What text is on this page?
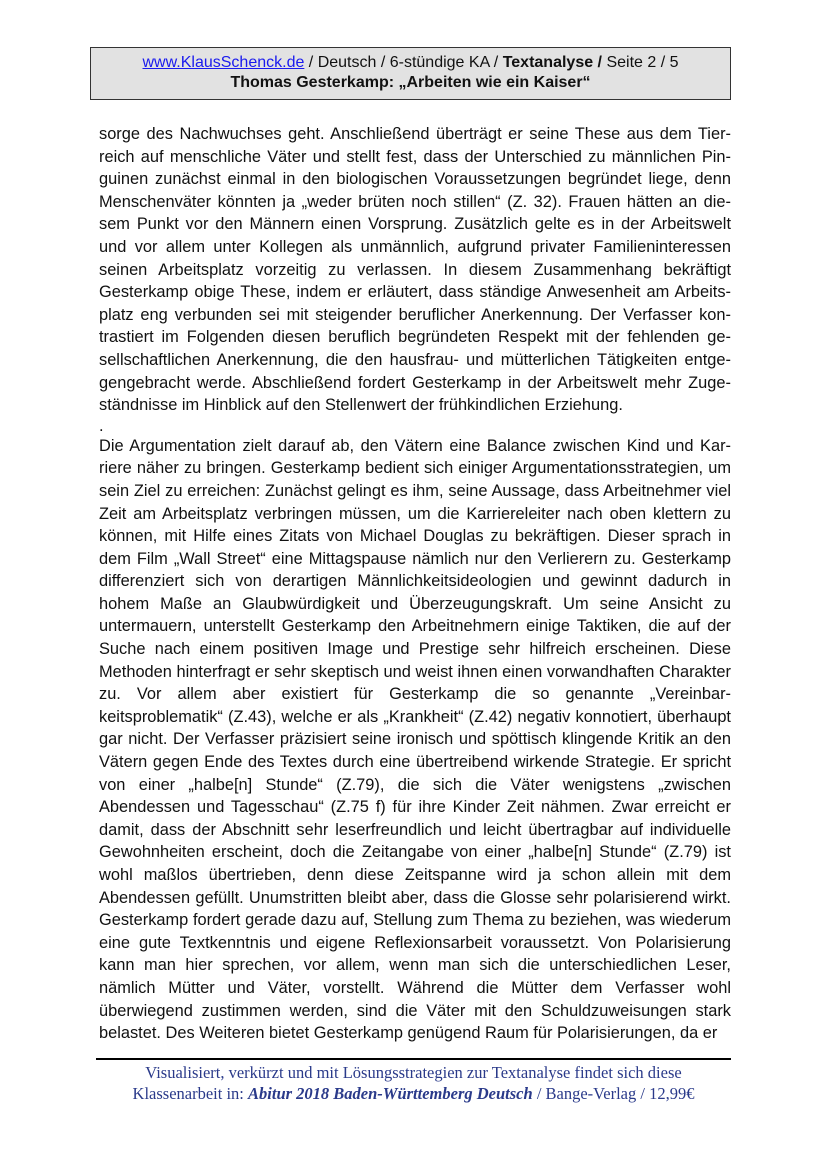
www.KlausSchenck.de / Deutsch / 6-stündige KA / Textanalyse / Seite 2 / 5
Thomas Gesterkamp: „Arbeiten wie ein Kaiser“

sorge des Nachwuchses geht. Anschließend überträgt er seine These aus dem Tierreich auf menschliche Väter und stellt fest, dass der Unterschied zu männlichen Pinguinen zunächst einmal in den biologischen Voraussetzungen begründet liege, denn Menschenväter könnten ja „weder brüten noch stillen“ (Z. 32). Frauen hätten an diesem Punkt vor den Männern einen Vorsprung. Zusätzlich gelte es in der Arbeitswelt und vor allem unter Kollegen als unmännlich, aufgrund privater Familieninteressen seinen Arbeitsplatz vorzeitig zu verlassen. In diesem Zusammenhang bekräftigt Gesterkamp obige These, indem er erläutert, dass ständige Anwesenheit am Arbeitsplatz eng verbunden sei mit steigender beruflicher Anerkennung. Der Verfasser kontrastiert im Folgenden diesen beruflich begründeten Respekt mit der fehlenden gesellschaftlichen Anerkennung, die den hausfrau- und mütterlichen Tätigkeiten entgegengebracht werde. Abschließend fordert Gesterkamp in der Arbeitswelt mehr Zugeständnisse im Hinblick auf den Stellenwert der frühkindlichen Erziehung.

.

Die Argumentation zielt darauf ab, den Vätern eine Balance zwischen Kind und Karriere näher zu bringen. Gesterkamp bedient sich einiger Argumentationsstrategien, um sein Ziel zu erreichen: Zunächst gelingt es ihm, seine Aussage, dass Arbeitnehmer viel Zeit am Arbeitsplatz verbringen müssen, um die Karriereleiter nach oben klettern zu können, mit Hilfe eines Zitats von Michael Douglas zu bekräftigen. Dieser sprach in dem Film „Wall Street“ eine Mittagspause nämlich nur den Verlierern zu. Gesterkamp differenziert sich von derartigen Männlichkeitsideologien und gewinnt dadurch in hohem Maße an Glaubwürdigkeit und Überzeugungskraft. Um seine Ansicht zu untermauern, unterstellt Gesterkamp den Arbeitnehmern einige Taktiken, die auf der Suche nach einem positiven Image und Prestige sehr hilfreich erscheinen. Diese Methoden hinterfragt er sehr skeptisch und weist ihnen einen vorwandhaften Charakter zu. Vor allem aber existiert für Gesterkamp die so genannte „Vereinbarkeitsproblematik“ (Z.43), welche er als „Krankheit“ (Z.42) negativ konnotiert, überhaupt gar nicht. Der Verfasser präzisiert seine ironisch und spöttisch klingende Kritik an den Vätern gegen Ende des Textes durch eine übertreibend wirkende Strategie. Er spricht von einer „halbe[n] Stunde“ (Z.79), die sich die Väter wenigstens „zwischen Abendessen und Tagesschau“ (Z.75 f) für ihre Kinder Zeit nähmen. Zwar erreicht er damit, dass der Abschnitt sehr leserfreundlich und leicht übertragbar auf individuelle Gewohnheiten erscheint, doch die Zeitangabe von einer „halbe[n] Stunde“ (Z.79) ist wohl maßlos übertrieben, denn diese Zeitspanne wird ja schon allein mit dem Abendessen gefüllt. Unumstritten bleibt aber, dass die Glosse sehr polarisierend wirkt. Gesterkamp fordert gerade dazu auf, Stellung zum Thema zu beziehen, was wiederum eine gute Textkenntnis und eigene Reflexionsarbeit voraussetzt. Von Polarisierung kann man hier sprechen, vor allem, wenn man sich die unterschiedlichen Leser, nämlich Mütter und Väter, vorstellt. Während die Mütter dem Verfasser wohl überwiegend zustimmen werden, sind die Väter mit den Schuldzuweisungen stark belastet. Des Weiteren bietet Gesterkamp genügend Raum für Polarisierungen, da er

Visualisiert, verkürzt und mit Lösungsstrategien zur Textanalyse findet sich diese
Klassenarbeit in: Abitur 2018 Baden-Württemberg Deutsch / Bange-Verlag / 12,99€
